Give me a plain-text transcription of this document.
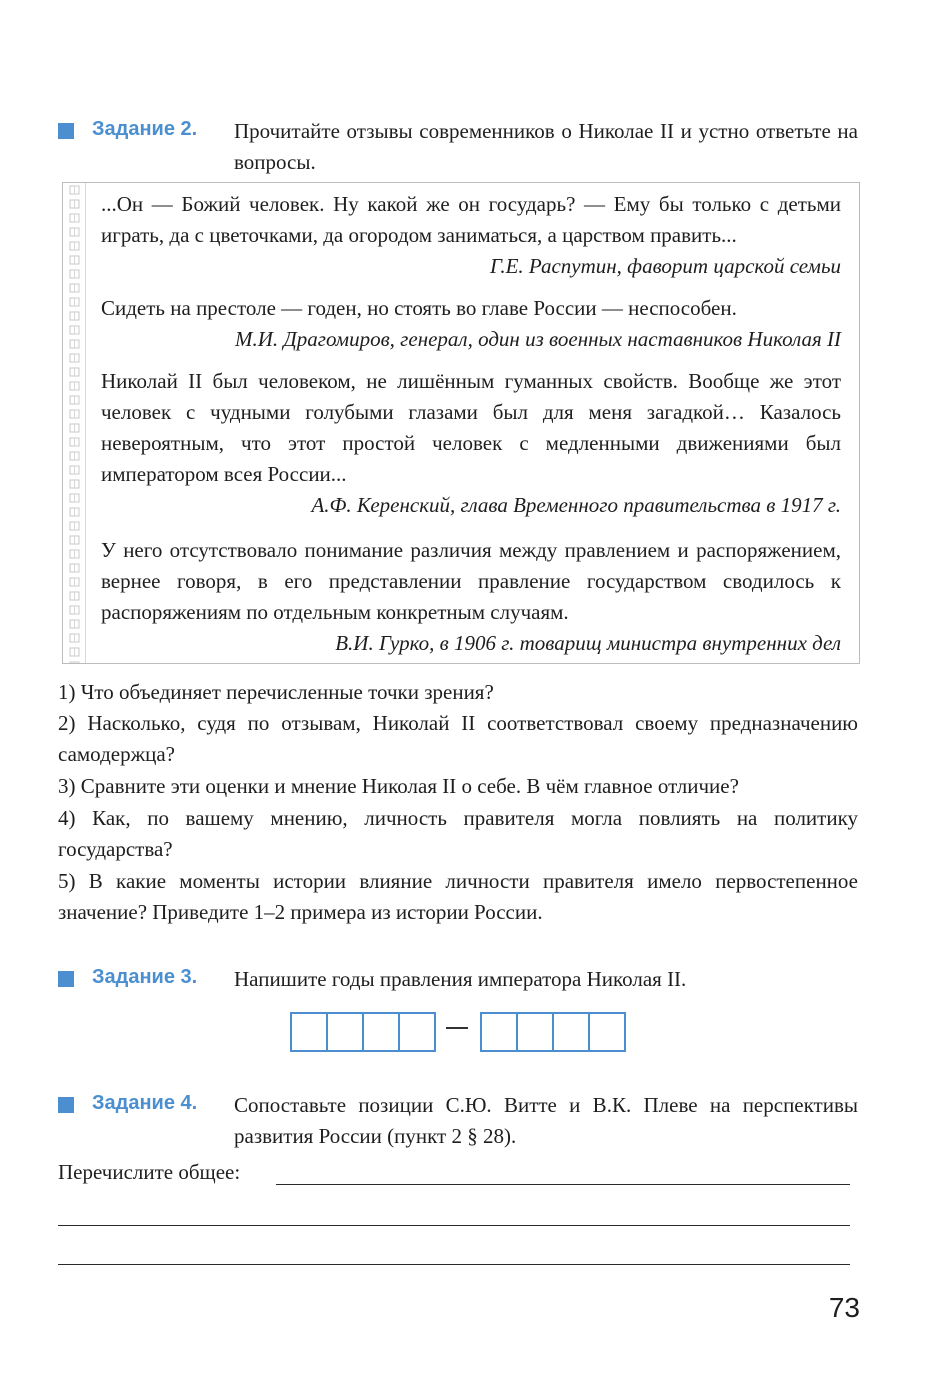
Задание 2. Прочитайте отзывы современников о Николае II и устно ответьте на вопросы.
...Он — Божий человек. Ну какой же он государь? — Ему бы только с детьми играть, да с цветочками, да огородом заниматься, а царством править...
Г.Е. Распутин, фаворит царской семьи
Сидеть на престоле — годен, но стоять во главе России — неспособен.
М.И. Драгомиров, генерал, один из военных наставников Николая II
Николай II был человеком, не лишённым гуманных свойств. Вообще же этот человек с чудными голубыми глазами был для меня загадкой… Казалось невероятным, что этот простой человек с медленными движениями был императором всея России...
А.Ф. Керенский, глава Временного правительства в 1917 г.
У него отсутствовало понимание различия между правлением и распоряжением, вернее говоря, в его представлении правление государством сводилось к распоряжениям по отдельным конкретным случаям.
В.И. Гурко, в 1906 г. товарищ министра внутренних дел
1) Что объединяет перечисленные точки зрения?
2) Насколько, судя по отзывам, Николай II соответствовал своему предназначению самодержца?
3) Сравните эти оценки и мнение Николая II о себе. В чём главное отличие?
4) Как, по вашему мнению, личность правителя могла повлиять на политику государства?
5) В какие моменты истории влияние личности правителя имело первостепенное значение? Приведите 1–2 примера из истории России.
Задание 3. Напишите годы правления императора Николая II.
Задание 4. Сопоставьте позиции С.Ю. Витте и В.К. Плеве на перспективы развития России (пункт 2 § 28).
Перечислите общее:
73
